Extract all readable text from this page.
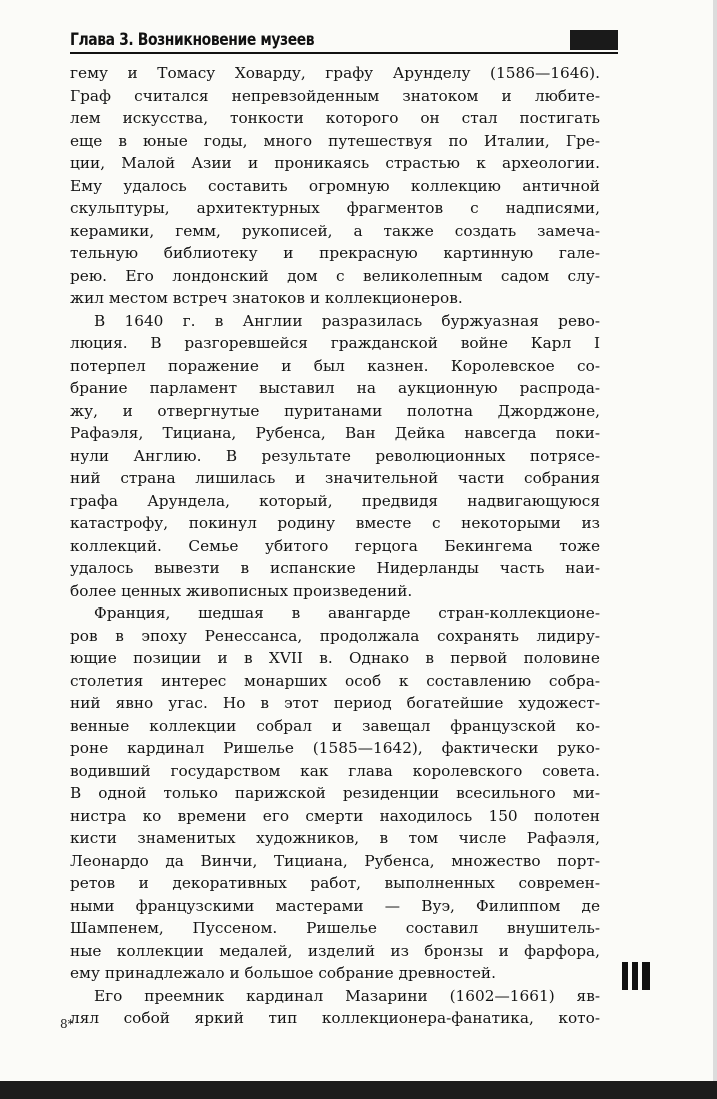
Глава 3. Возникновение музеев
гему и Томасу Ховарду, графу Арунделу (1586—1646).
Граф считался непревзойденным знатоком и любите-
лем искусства, тонкости которого он стал постигать
еще в юные годы, много путешествуя по Италии, Гре-
ции, Малой Азии и проникаясь страстью к археологии.
Ему удалось составить огромную коллекцию античной
скульптуры, архитектурных фрагментов с надписями,
керамики, гемм, рукописей, а также создать замеча-
тельную библиотеку и прекрасную картинную гале-
рею. Его лондонский дом с великолепным садом слу-
жил местом встреч знатоков и коллекционеров.
В 1640 г. в Англии разразилась буржуазная рево-
люция. В разгоревшейся гражданской войне Карл I
потерпел поражение и был казнен. Королевское со-
брание парламент выставил на аукционную распрода-
жу, и отвергнутые пуританами полотна Джорджоне,
Рафаэля, Тициана, Рубенса, Ван Дейка навсегда поки-
нули Англию. В результате революционных потрясе-
ний страна лишилась и значительной части собрания
графа Арундела, который, предвидя надвигающуюся
катастрофу, покинул родину вместе с некоторыми из
коллекций. Семье убитого герцога Бекингема тоже
удалось вывезти в испанские Нидерланды часть наи-
более ценных живописных произведений.
Франция, шедшая в авангарде стран-коллекционе-
ров в эпоху Ренессанса, продолжала сохранять лидиру-
ющие позиции и в XVII в. Однако в первой половине
столетия интерес монарших особ к составлению собра-
ний явно угас. Но в этот период богатейшие художест-
венные коллекции собрал и завещал французской ко-
роне кардинал Ришелье (1585—1642), фактически руко-
водивший государством как глава королевского совета.
В одной только парижской резиденции всесильного ми-
нистра ко времени его смерти находилось 150 полотен
кисти знаменитых художников, в том числе Рафаэля,
Леонардо да Винчи, Тициана, Рубенса, множество порт-
ретов и декоративных работ, выполненных современ-
ными французскими мастерами — Вуэ, Филиппом де
Шампенем, Пуссеном. Ришелье составил внушитель-
ные коллекции медалей, изделий из бронзы и фарфора,
ему принадлежало и большое собрание древностей.
Его преемник кардинал Мазарини (1602—1661) яв-
лял собой яркий тип коллекционера-фанатика, кото-
8*
